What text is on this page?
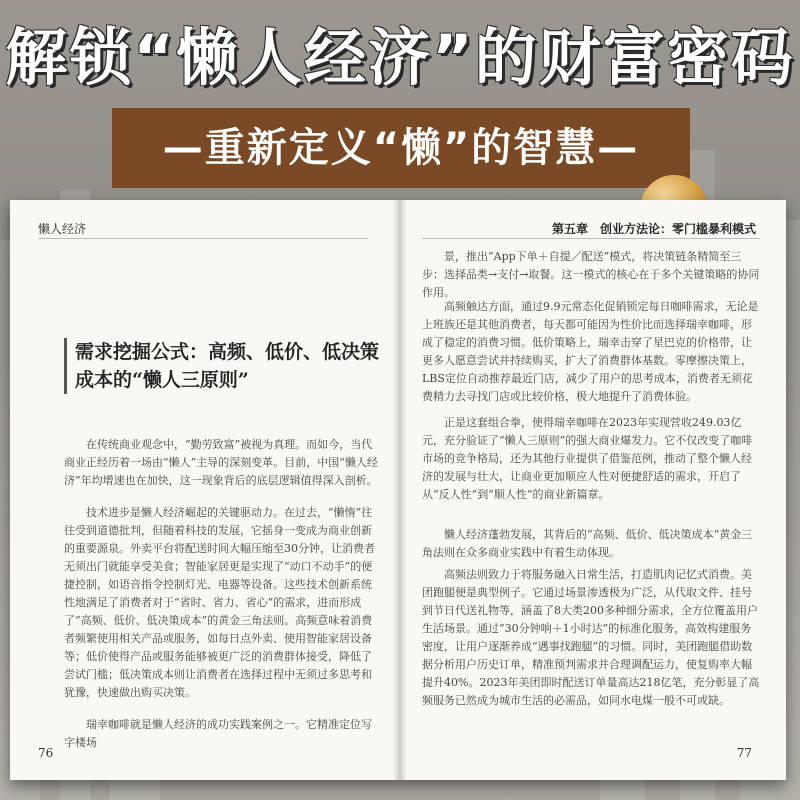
解锁“懒人经济”的财富密码
—重新定义“懒”的智慧—
懒人经济
需求挖掘公式：高频、低价、低决策成本的“懒人三原则”
在传统商业观念中，“勤劳致富”被视为真理。而如今，当代商业正经历着一场由“懒人”主导的深刻变革。目前，中国“懒人经济”年均增速也在加快，这一现象背后的底层逻辑值得深入剖析。
技术进步是懒人经济崛起的关键驱动力。在过去，“懒惰”往往受到道德批判，但随着科技的发展，它摇身一变成为商业创新的重要源泉。外卖平台将配送时间大幅压缩至30分钟，让消费者无须出门就能享受美食；智能家居更是实现了“动口不动手”的便捷控制，如语音指令控制灯光、电器等设备。这些技术创新系统性地满足了消费者对于“省时、省力、省心”的需求，进而形成了“高频、低价、低决策成本”的黄金三角法则。高频意味着消费者频繁使用相关产品或服务，如每日点外卖、使用智能家居设备等；低价使得产品或服务能够被更广泛的消费群体接受，降低了尝试门槛；低决策成本则让消费者在选择过程中无须过多思考和犹豫，快速做出购买决策。
瑞幸咖啡就是懒人经济的成功实践案例之一。它精准定位写字楼场
76
第五章　创业方法论：零门槛暴利模式
景，推出“App下单＋自提／配送”模式，将决策链条精简至三步：选择品类→支付→取餐。这一模式的核心在于多个关键策略的协同作用。
高频触达方面，通过9.9元常态化促销锁定每日咖啡需求，无论是上班族还是其他消费者，每天都可能因为性价比而选择瑞幸咖啡，形成了稳定的消费习惯。低价策略上，瑞幸击穿了星巴克的价格带，让更多人愿意尝试并持续购买，扩大了消费群体基数。零摩擦决策上，LBS定位自动推荐最近门店，减少了用户的思考成本，消费者无须花费精力去寻找门店或比较价格，极大地提升了消费体验。
正是这套组合拳，使得瑞幸咖啡在2023年实现营收249.03亿元，充分验证了“懒人三原则”的强大商业爆发力。它不仅改变了咖啡市场的竞争格局，还为其他行业提供了借鉴范例，推动了整个懒人经济的发展与壮大，让商业更加顺应人性对便捷舒适的需求，开启了从“反人性”到“顺人性”的商业新篇章。
懒人经济蓬勃发展，其背后的“高频、低价、低决策成本”黄金三角法则在众多商业实践中有着生动体现。
高频法则致力于将服务融入日常生活，打造肌肉记忆式消费。美团跑腿便是典型例子。它通过场景渗透极为广泛，从代取文件、挂号到节日代送礼物等，涵盖了8大类200多种细分需求，全方位覆盖用户生活场景。通过“30分钟响＋1小时达”的标准化服务，高效构建服务密度，让用户逐渐养成“遇事找跑腿”的习惯。同时，美团跑腿借助数据分析用户历史订单，精准预判需求并合理调配运力，使复购率大幅提升40%。2023年美团即时配送订单量高达218亿笔，充分彰显了高频服务已然成为城市生活的必需品，如同水电煤一般不可或缺。
77
